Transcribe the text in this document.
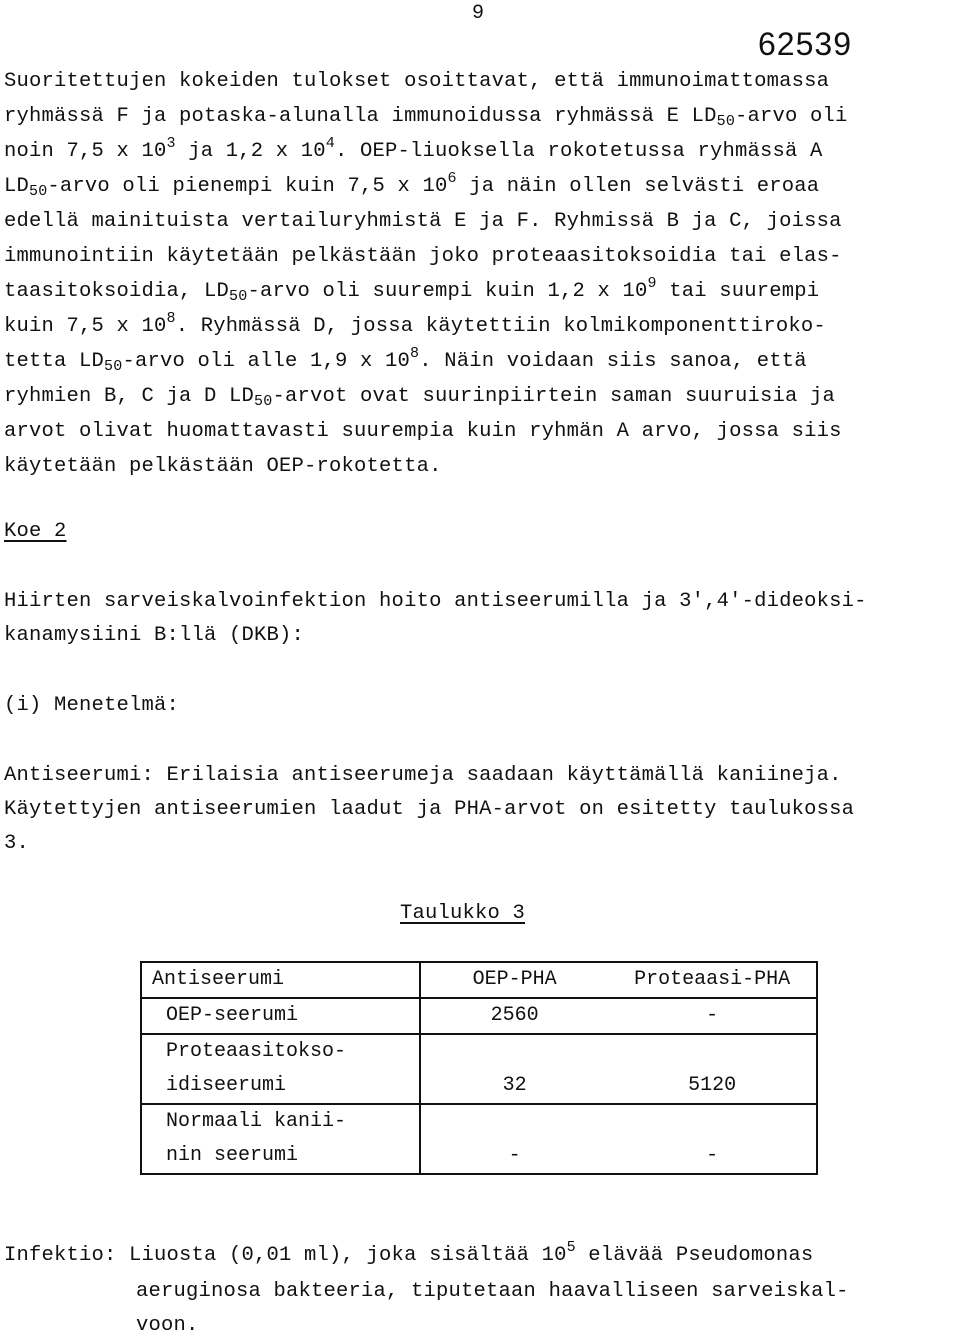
9
62539
Suoritettujen kokeiden tulokset osoittavat, että immunoimattomassa
ryhmässä F ja potaska-alunalla immunoidussa ryhmässä E $LD_{50}$-arvo oli
noin 7,5 x $10^3$ ja 1,2 x $10^4$. OEP-liuoksella rokotetussa ryhmässä A
$LD_{50}$-arvo oli pienempi kuin 7,5 x $10^6$ ja näin ollen selvästi eroaa
edellä mainituista vertailuryhmistä E ja F. Ryhmissä B ja C, joissa
immunointiin käytetään pelkästään joko proteaasitoksoidia tai elas-
taasitoksoidia, $LD_{50}$-arvo oli suurempi kuin 1,2 x $10^9$ tai suurempi
kuin 7,5 x $10^8$. Ryhmässä D, jossa käytettiin kolmikomponenttiroko-
tetta $LD_{50}$-arvo oli alle 1,9 x $10^8$. Näin voidaan siis sanoa, että
ryhmien B, C ja D $LD_{50}$-arvot ovat suurinpiirtein saman suuruisia ja
arvot olivat huomattavasti suurempia kuin ryhmän A arvo, jossa siis
käytetään pelkästään OEP-rokotetta.
Koe 2
Hiirten sarveiskalvoinfektion hoito antiseerumilla ja 3',4'-dideoksi-
kanamysiini B:llä (DKB):
(i) Menetelmä:
Antiseerumi: Erilaisia antiseerumeja saadaan käyttämällä kaniineja.
Käytettyjen antiseerumien laadut ja PHA-arvot on esitetty taulukossa
3.
Taulukko 3
Antiseerumi	OEP-PHA	Proteaasi-PHA
OEP-seerumi	2560	-

Proteaasitokso-
idiseerumi	32	5120

Normaali kanii-
nin seerumi	-	-
Infektio: Liuosta (0,01 ml), joka sisältää $10^5$ elävää Pseudomonas
aeruginosa bakteeria, tiputetaan haavalliseen sarveiskal-
voon.
